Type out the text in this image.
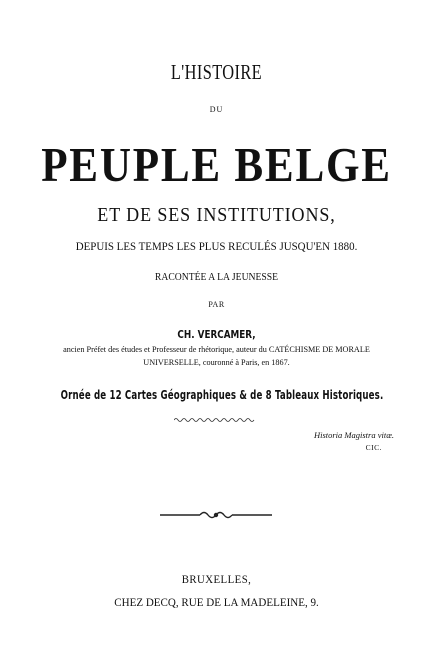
L'HISTOIRE
DU
PEUPLE BELGE
ET DE SES INSTITUTIONS,
DEPUIS LES TEMPS LES PLUS RECULÉS JUSQU'EN 1880.
RACONTÉE A LA JEUNESSE
PAR
CH. VERCAMER,
ancien Préfet des études et Professeur de rhétorique, auteur du CATÉCHISME DE MORALE
UNIVERSELLE, couronné à Paris, en 1867.
Ornée de 12 Cartes Géographiques & de 8 Tableaux Historiques.
Historia Magistra vitæ.
CIC.
BRUXELLES,
CHEZ DECQ, RUE DE LA MADELEINE, 9.
